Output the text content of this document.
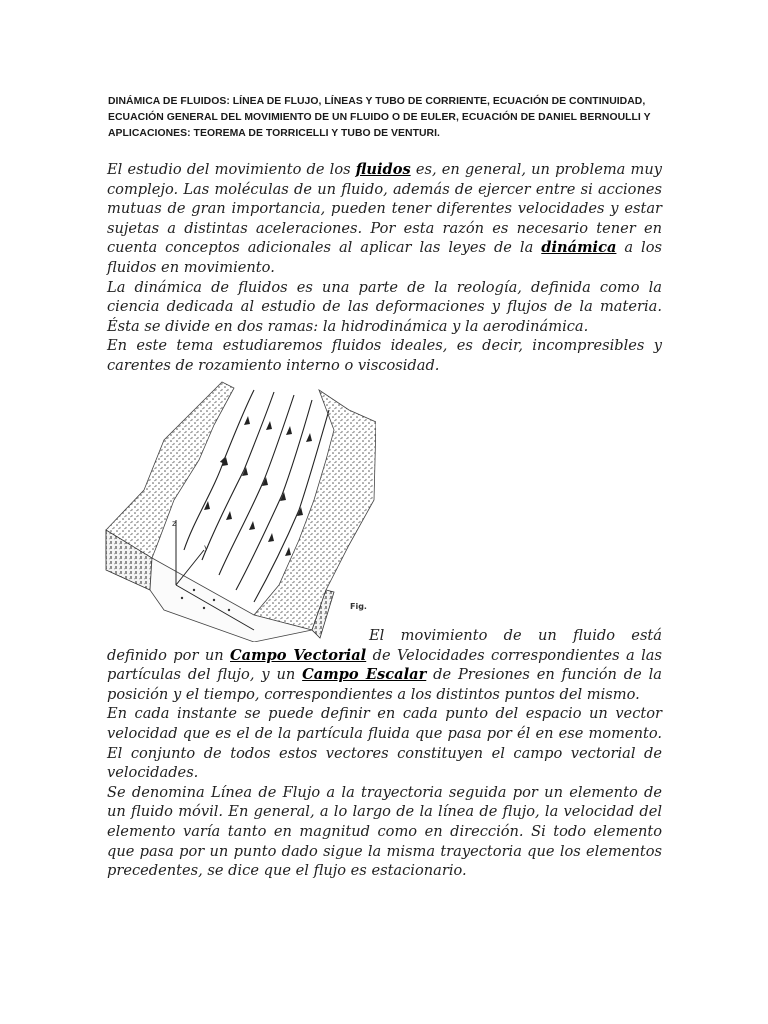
DINÁMICA DE FLUIDOS: LÍNEA DE FLUJO, LÍNEAS Y TUBO DE CORRIENTE, ECUACIÓN DE CONTINUIDAD, ECUACIÓN GENERAL DEL MOVIMIENTO DE UN FLUIDO O DE EULER, ECUACIÓN DE DANIEL BERNOULLI Y APLICACIONES: TEOREMA DE TORRICELLI Y TUBO DE VENTURI.

El estudio del movimiento de los fluidos es, en general, un problema muy complejo. Las moléculas de un fluido, además de ejercer entre si acciones mutuas de gran importancia, pueden tener diferentes velocidades y estar sujetas a distintas aceleraciones. Por esta razón es necesario tener en cuenta conceptos adicionales al aplicar las leyes de la dinámica a los fluidos en movimiento.
La dinámica de fluidos es una parte de la reología, definida como la ciencia dedicada al estudio de las deformaciones y flujos de la materia. Ésta se divide en dos ramas: la hidrodinámica y la aerodinámica.
En este tema estudiaremos fluidos ideales, es decir, incompresibles y carentes de rozamiento interno o viscosidad.
z
y
Fig.
El movimiento de un fluido está definido por un Campo Vectorial de Velocidades correspondientes a las partículas del flujo, y un Campo Escalar de Presiones en función de la posición y el tiempo, correspondientes a los distintos puntos del mismo.
En cada instante se puede definir en cada punto del espacio un vector velocidad que es el de la partícula fluida que pasa por él en ese momento. El conjunto de todos estos vectores constituyen el campo vectorial de velocidades.
Se denomina Línea de Flujo a la trayectoria seguida por un elemento de un fluido móvil. En general, a lo largo de la línea de flujo, la velocidad del elemento varía tanto en magnitud como en dirección. Si todo elemento que pasa por un punto dado sigue la misma trayectoria que los elementos precedentes, se dice que el flujo es estacionario.
